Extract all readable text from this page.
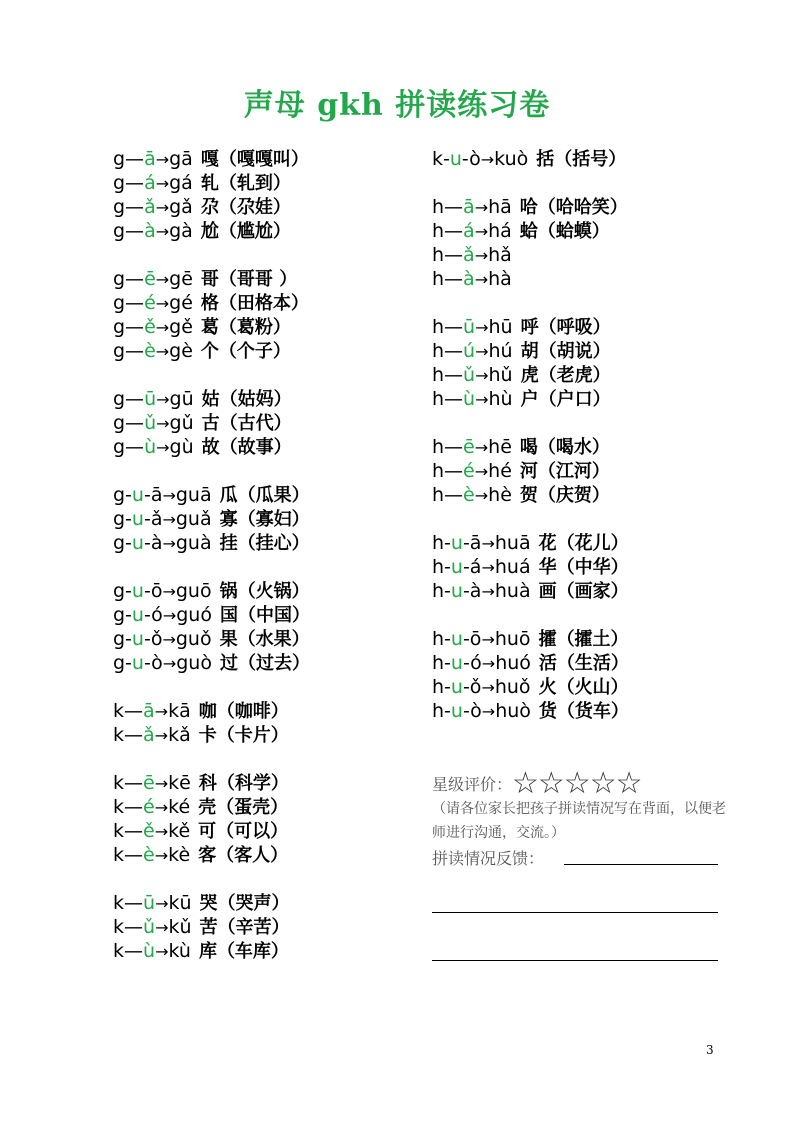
声母 gkh 拼读练习卷
g—ā→gā 嘎（嘎嘎叫）
g—á→gá 轧（轧到）
g—ǎ→gǎ 尕（尕娃）
g—à→gà 尬（尴尬）
g—ē→gē 哥（哥哥 ）
g—é→gé 格（田格本）
g—ě→gě 葛（葛粉）
g—è→gè 个（个子）
g—ū→gū 姑（姑妈）
g—ǔ→gǔ 古（古代）
g—ù→gù 故（故事）
g-u-ā→guā 瓜（瓜果）
g-u-ǎ→guǎ 寡（寡妇）
g-u-à→guà 挂（挂心）
g-u-ō→guō 锅（火锅）
g-u-ó→guó 国（中国）
g-u-ǒ→guǒ 果（水果）
g-u-ò→guò 过（过去）
k—ā→kā 咖（咖啡）
k—ǎ→kǎ 卡（卡片）
k—ē→kē 科（科学）
k—é→ké 壳（蛋壳）
k—ě→kě 可（可以）
k—è→kè 客（客人）
k—ū→kū 哭（哭声）
k—ǔ→kǔ 苦（辛苦）
k—ù→kù 库（车库）
k-u-ò→kuò 括（括号）
h—ā→hā 哈（哈哈笑）
h—á→há 蛤（蛤蟆）
h—ǎ→hǎ
h—à→hà
h—ū→hū 呼（呼吸）
h—ú→hú 胡（胡说）
h—ǔ→hǔ 虎（老虎）
h—ù→hù 户（户口）
h—ē→hē 喝（喝水）
h—é→hé 河（江河）
h—è→hè 贺（庆贺）
h-u-ā→huā 花（花儿）
h-u-á→huá 华（中华）
h-u-à→huà 画（画家）
h-u-ō→huō 攉（攉土）
h-u-ó→huó 活（生活）
h-u-ǒ→huǒ 火（火山）
h-u-ò→huò 货（货车）
星级评价：☆☆☆☆☆
（请各位家长把孩子拼读情况写在背面，以便老师进行沟通，交流。）
拼读情况反馈：
3
